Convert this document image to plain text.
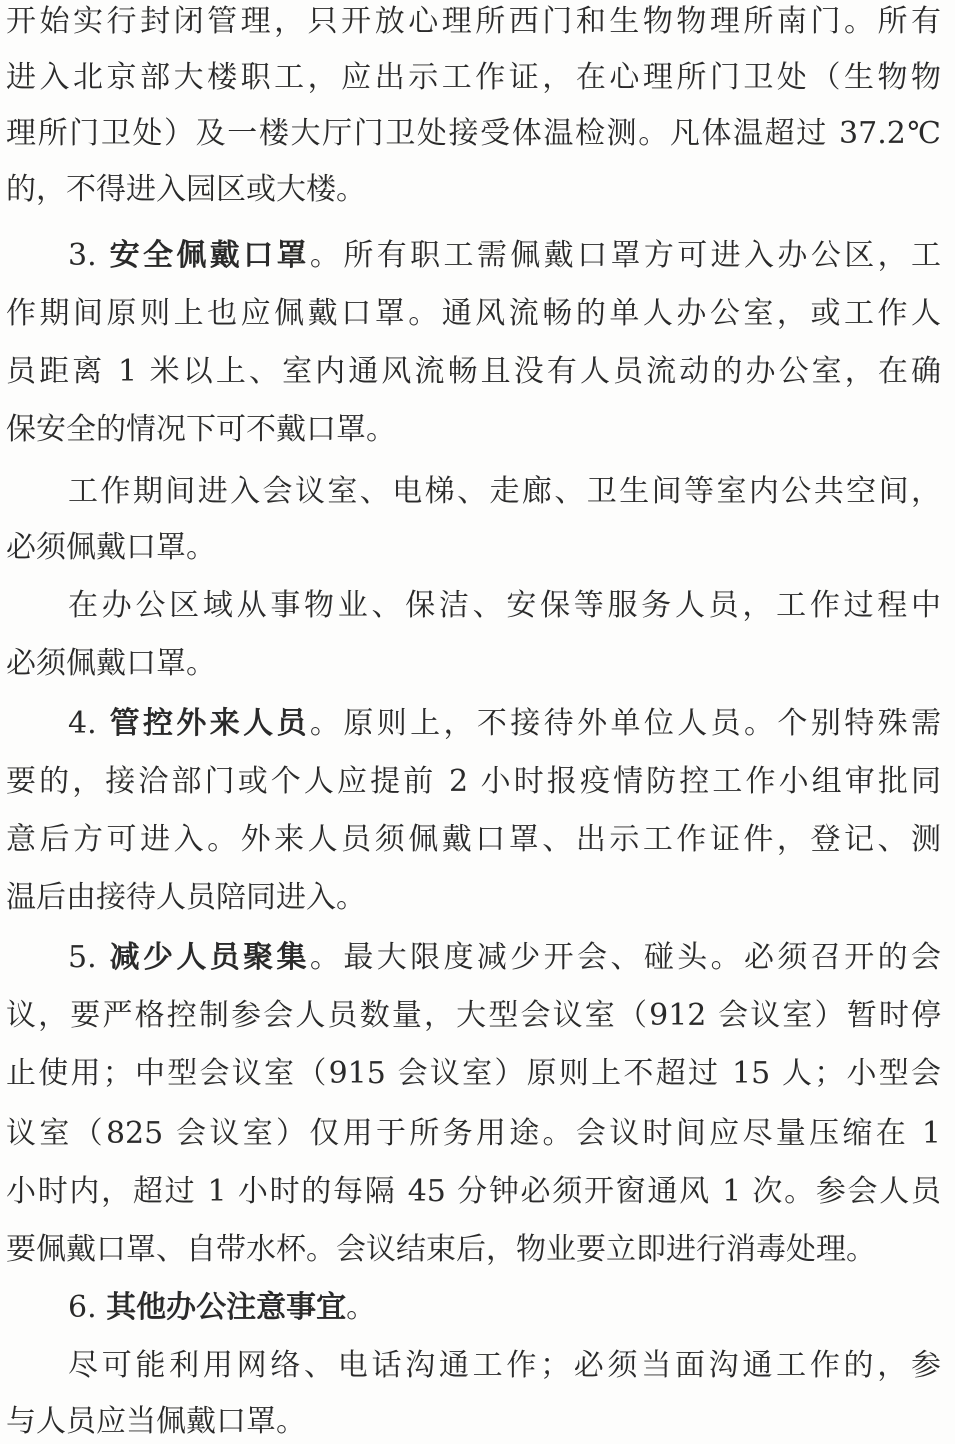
开始实行封闭管理，只开放心理所西门和生物物理所南门。所有
进入北京部大楼职工，应出示工作证，在心理所门卫处（生物物
理所门卫处）及一楼大厅门卫处接受体温检测。凡体温超过 37.2℃
的，不得进入园区或大楼。
3. 安全佩戴口罩。所有职工需佩戴口罩方可进入办公区，工
作期间原则上也应佩戴口罩。通风流畅的单人办公室，或工作人
员距离 1 米以上、室内通风流畅且没有人员流动的办公室，在确
保安全的情况下可不戴口罩。
工作期间进入会议室、电梯、走廊、卫生间等室内公共空间，
必须佩戴口罩。
在办公区域从事物业、保洁、安保等服务人员，工作过程中
必须佩戴口罩。
4. 管控外来人员。原则上，不接待外单位人员。个别特殊需
要的，接洽部门或个人应提前 2 小时报疫情防控工作小组审批同
意后方可进入。外来人员须佩戴口罩、出示工作证件，登记、测
温后由接待人员陪同进入。
5. 减少人员聚集。最大限度减少开会、碰头。必须召开的会
议，要严格控制参会人员数量，大型会议室（912 会议室）暂时停
止使用；中型会议室（915 会议室）原则上不超过 15 人；小型会
议室（825 会议室）仅用于所务用途。会议时间应尽量压缩在 1
小时内，超过 1 小时的每隔 45 分钟必须开窗通风 1 次。参会人员
要佩戴口罩、自带水杯。会议结束后，物业要立即进行消毒处理。
6. 其他办公注意事宜。
尽可能利用网络、电话沟通工作；必须当面沟通工作的，参
与人员应当佩戴口罩。
